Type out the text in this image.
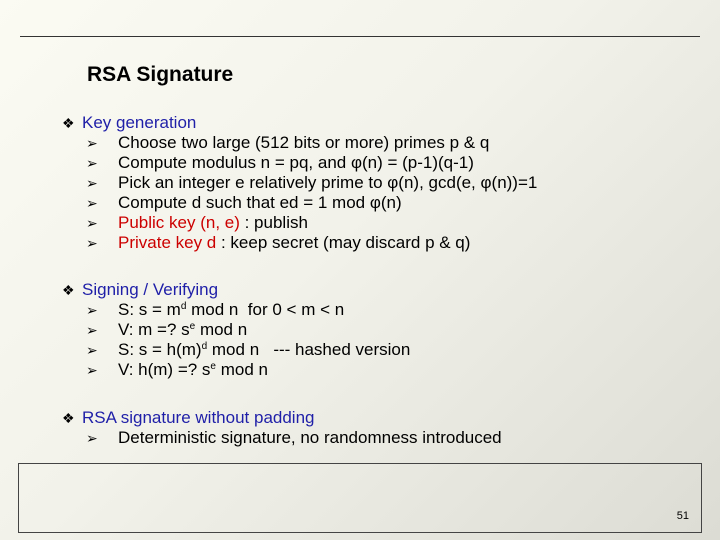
RSA Signature
❖ Key generation
➢	Choose two large (512 bits or more) primes p & q
➢	Compute modulus n = pq, and φ(n) = (p-1)(q-1)
➢	Pick an integer e relatively prime to φ(n), gcd(e, φ(n))=1
➢	Compute d such that ed = 1 mod φ(n)
➢	Public key (n, e) : publish
➢	Private key d : keep secret (may discard p & q)
❖ Signing / Verifying
➢	S: $s = m^d$ mod n  for 0 < m < n
➢	V: m =? $s^e$ mod n
➢	S: $s = h(m)^d$ mod n   --- hashed version
➢	V: h(m) =? $s^e$ mod n
❖ RSA signature without padding
➢	Deterministic signature, no randomness introduced
51
